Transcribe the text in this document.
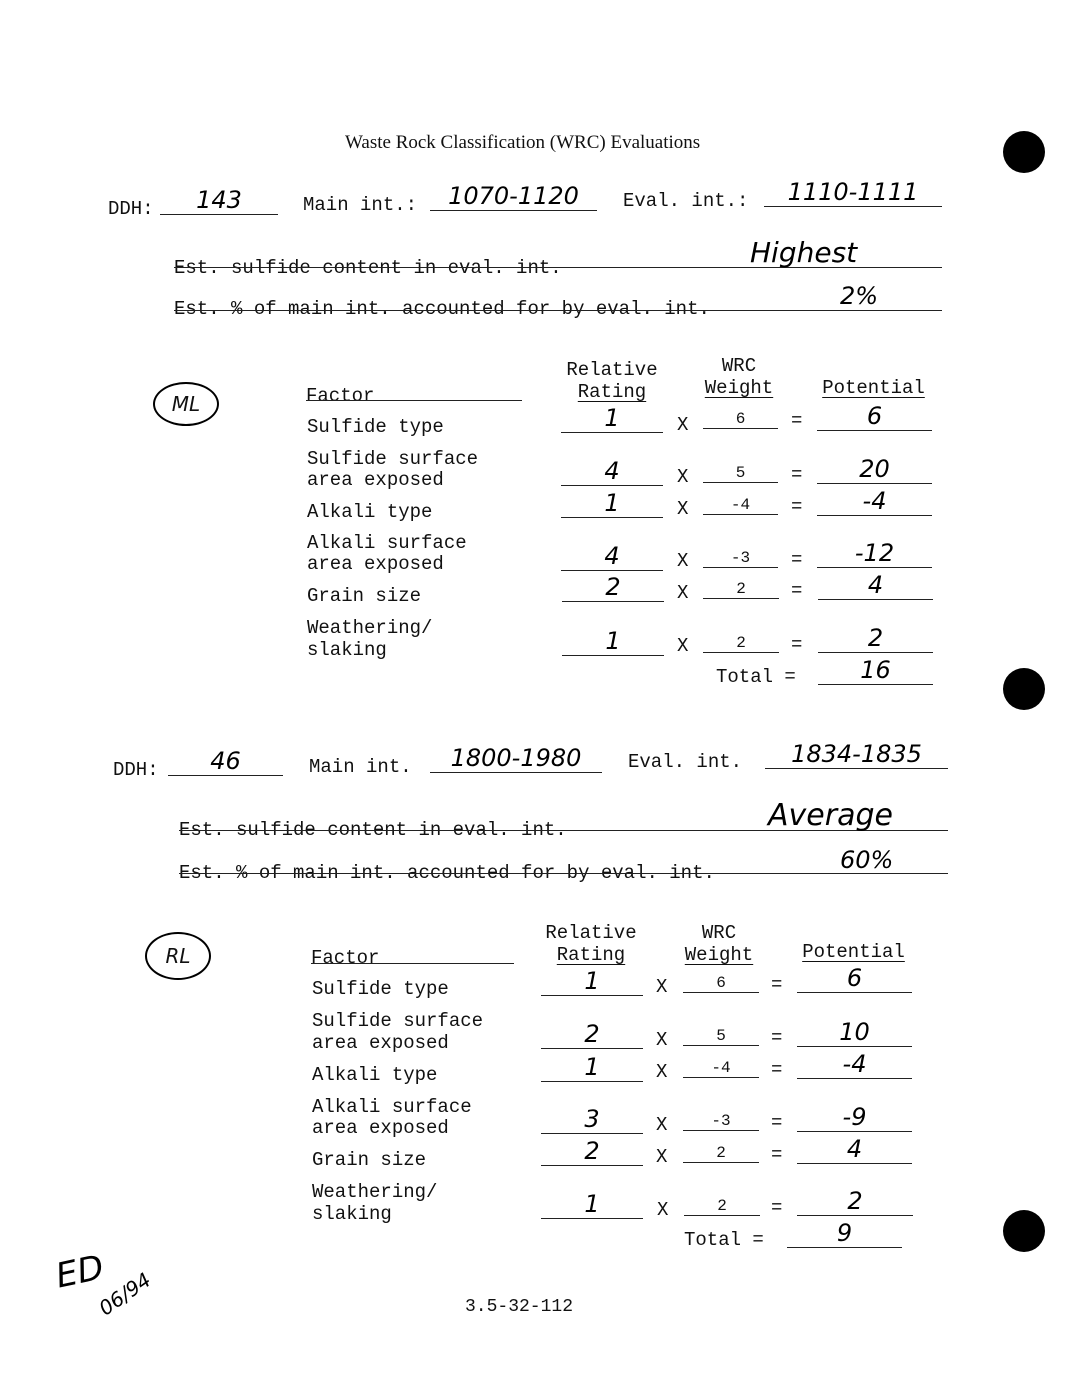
Waste Rock Classification (WRC) Evaluations
DDH: 143	Main int.: 1070-1120 Eval. int.: 1110-1111
Est. sulfide content in eval. int.	Highest
Est. % of main int. accounted for by eval. int.	2%
ML
Relative
Rating
WRC
Weight	Potential
Factor
Sulfide type	1	X	6	=	6
Sulfide surface
area exposed	4	X	5	= 20
Alkali type	1	X	-4	=	-4
Alkali surface
area exposed	4	X	-3	= -12
Grain size	2	X	2	=	4
Weathering/
slaking	1	X	2	=	2
Total =	16
DDH: 46	Main int. 1800-1980 Eval. int. 1834-1835
Est. sulfide content in eval. int.	Average
Est. % of main int. accounted for by eval. int.	60%
RL
Relative
Rating
WRC
Weight	Potential
Factor
Sulfide type	1	X	6	=	6
Sulfide surface
area exposed	2	X	5	= 10
Alkali type	1	X	-4	=	-4
Alkali surface
area exposed	3	X	-3	=	-9
Grain size	2	X	2	=	4
Weathering/
slaking	1	X	2	=	2
Total =	9
ED
06/94	3.5-32-112
